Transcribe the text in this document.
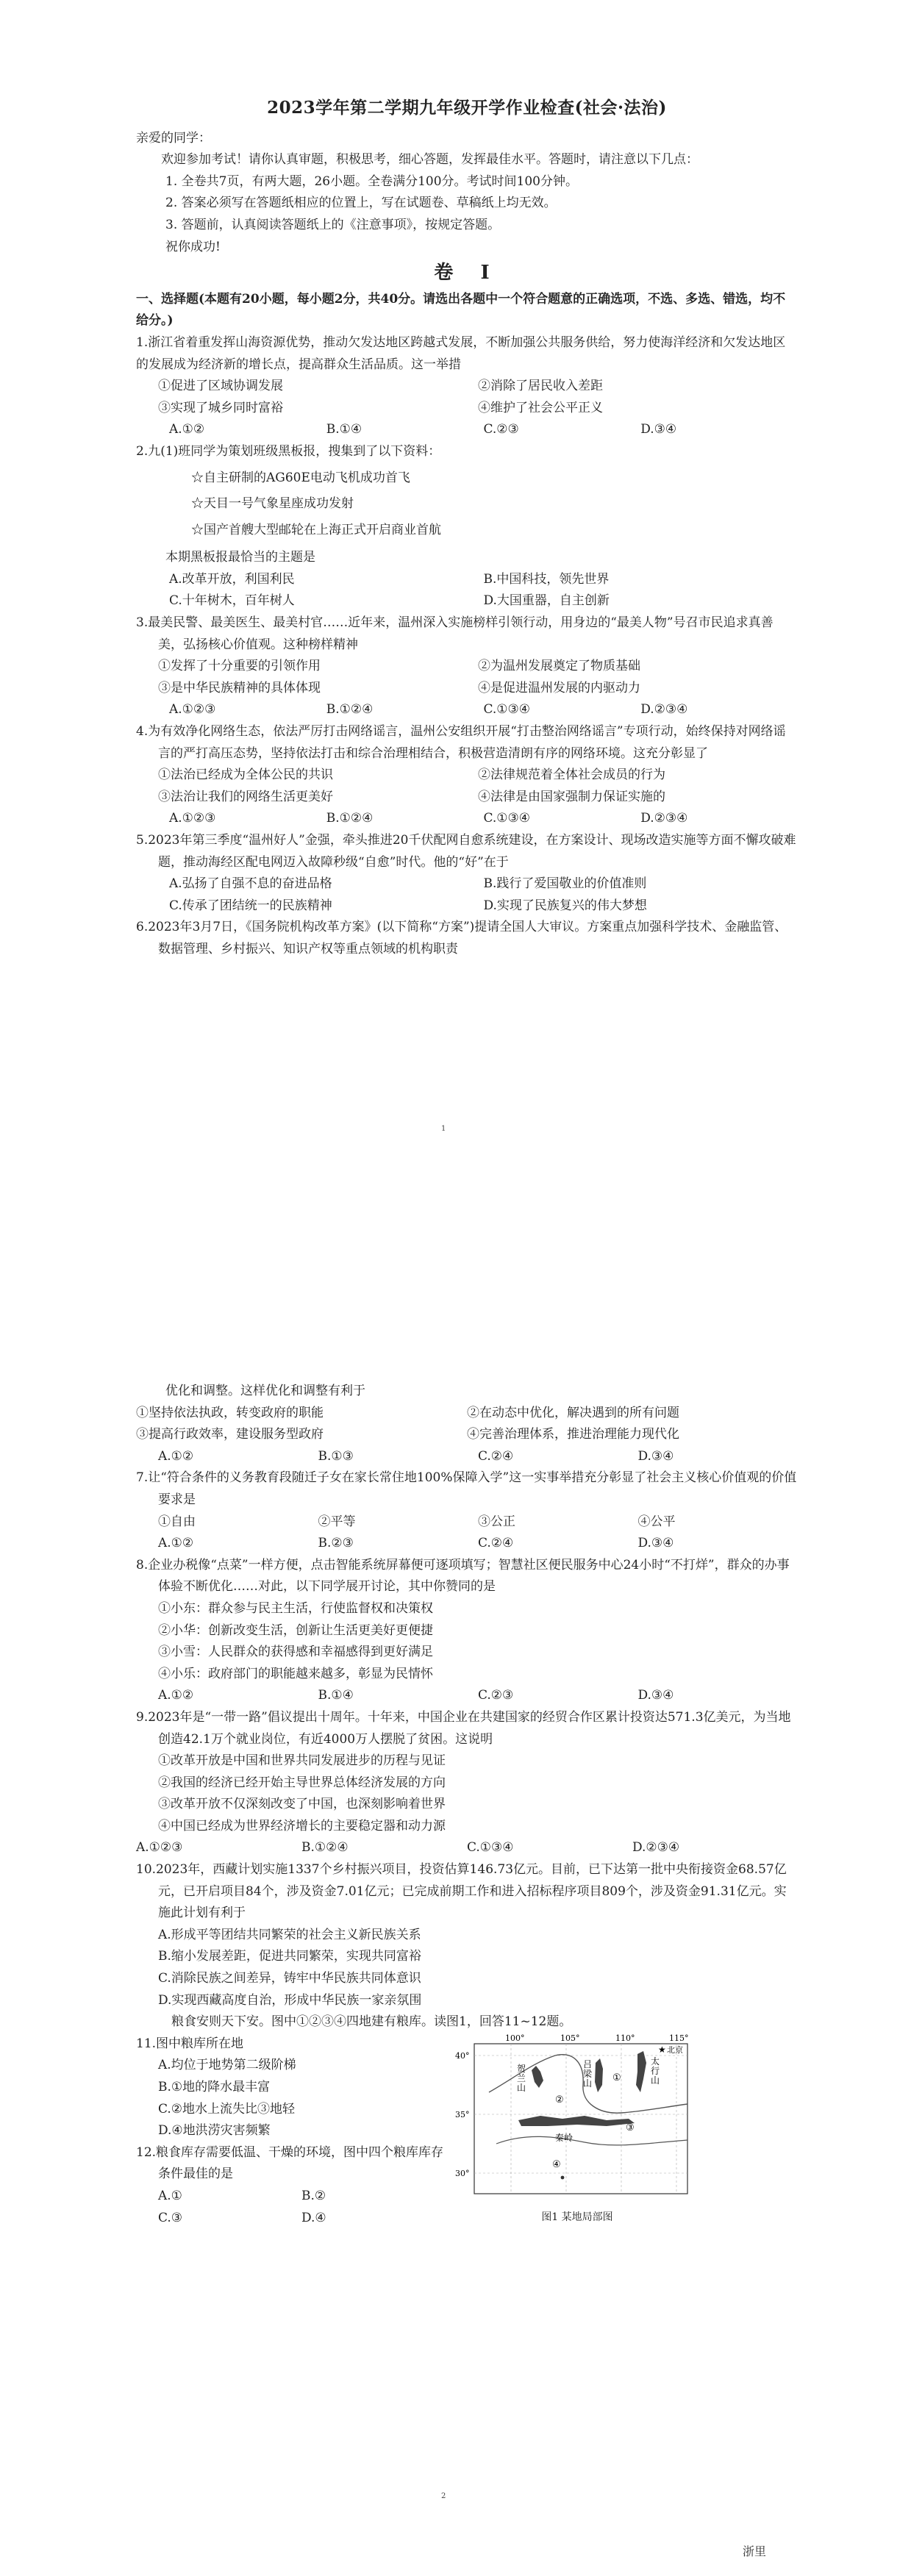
2023学年第二学期九年级开学作业检查(社会·法治)

亲爱的同学：

欢迎参加考试！请你认真审题，积极思考，细心答题，发挥最佳水平。答题时，请注意以下几点：

1. 全卷共7页，有两大题，26小题。全卷满分100分。考试时间100分钟。

2. 答案必须写在答题纸相应的位置上，写在试题卷、草稿纸上均无效。

3. 答题前，认真阅读答题纸上的《注意事项》，按规定答题。

祝你成功!

卷 I

一、选择题(本题有20小题，每小题2分，共40分。请选出各题中一个符合题意的正确选项，不选、多选、错选，均不给分。)

1.浙江省着重发挥山海资源优势，推动欠发达地区跨越式发展，不断加强公共服务供给，努力使海洋经济和欠发达地区的发展成为经济新的增长点，提高群众生活品质。这一举措

①促进了区域协调发展	②消除了居民收入差距
③实现了城乡同时富裕	④维护了社会公平正义
A.①②	B.①④	C.②③	D.③④

2.九(1)班同学为策划班级黑板报，搜集到了以下资料：

☆自主研制的AG60E电动飞机成功首飞

☆天目一号气象星座成功发射

☆国产首艘大型邮轮在上海正式开启商业首航

本期黑板报最恰当的主题是

A.改革开放，利国利民	B.中国科技，领先世界
C.十年树木，百年树人	D.大国重器，自主创新

3.最美民警、最美医生、最美村官……近年来，温州深入实施榜样引领行动，用身边的“最美人物”号召市民追求真善美，弘扬核心价值观。这种榜样精神

①发挥了十分重要的引领作用	②为温州发展奠定了物质基础
③是中华民族精神的具体体现	④是促进温州发展的内驱动力
A.①②③	B.①②④	C.①③④	D.②③④

4.为有效净化网络生态，依法严厉打击网络谣言，温州公安组织开展“打击整治网络谣言”专项行动，始终保持对网络谣言的严打高压态势，坚持依法打击和综合治理相结合，积极营造清朗有序的网络环境。这充分彰显了

①法治已经成为全体公民的共识	②法律规范着全体社会成员的行为
③法治让我们的网络生活更美好	④法律是由国家强制力保证实施的
A.①②③	B.①②④	C.①③④	D.②③④

5.2023年第三季度“温州好人”金强，牵头推进20千伏配网自愈系统建设，在方案设计、现场改造实施等方面不懈攻破难题，推动海经区配电网迈入故障秒级“自愈”时代。他的“好”在于

A.弘扬了自强不息的奋进品格	B.践行了爱国敬业的价值准则
C.传承了团结统一的民族精神	D.实现了民族复兴的伟大梦想

6.2023年3月7日，《国务院机构改革方案》(以下简称“方案”)提请全国人大审议。方案重点加强科学技术、金融监管、数据管理、乡村振兴、知识产权等重点领域的机构职责

1

优化和调整。这样优化和调整有利于

①坚持依法执政，转变政府的职能	②在动态中优化，解决遇到的所有问题
③提高行政效率，建设服务型政府	④完善治理体系，推进治理能力现代化
A.①②	B.①③	C.②④	D.③④

7.让“符合条件的义务教育段随迁子女在家长常住地100%保障入学”这一实事举措充分彰显了社会主义核心价值观的价值要求是

①自由	②平等	③公正	④公平
A.①②	B.②③	C.②④	D.③④

8.企业办税像“点菜”一样方便，点击智能系统屏幕便可逐项填写；智慧社区便民服务中心24小时“不打烊”，群众的办事体验不断优化……对此，以下同学展开讨论，其中你赞同的是

①小东：群众参与民主生活，行使监督权和决策权

②小华：创新改变生活，创新让生活更美好更便捷

③小雪：人民群众的获得感和幸福感得到更好满足

④小乐：政府部门的职能越来越多，彰显为民情怀

A.①②	B.①④	C.②③	D.③④

9.2023年是“一带一路”倡议提出十周年。十年来，中国企业在共建国家的经贸合作区累计投资达571.3亿美元，为当地创造42.1万个就业岗位，有近4000万人摆脱了贫困。这说明

①改革开放是中国和世界共同发展进步的历程与见证

②我国的经济已经开始主导世界总体经济发展的方向

③改革开放不仅深刻改变了中国，也深刻影响着世界

④中国已经成为世界经济增长的主要稳定器和动力源

A.①②③	B.①②④	C.①③④	D.②③④

10.2023年，西藏计划实施1337个乡村振兴项目，投资估算146.73亿元。目前，已下达第一批中央衔接资金68.57亿元，已开启项目84个，涉及资金7.01亿元；已完成前期工作和进入招标程序项目809个，涉及资金91.31亿元。实施此计划有利于

A.形成平等团结共同繁荣的社会主义新民族关系

B.缩小发展差距，促进共同繁荣，实现共同富裕

C.消除民族之间差异，铸牢中华民族共同体意识

D.实现西藏高度自治，形成中华民族一家亲氛围

粮食安则天下安。图中①②③④四地建有粮库。读图1，回答11~12题。

11.图中粮库所在地

A.均位于地势第二级阶梯

B.①地的降水最丰富

C.②地水上流失比③地轻

D.④地洪涝灾害频繁

12.粮食库存需要低温、干燥的环境，图中四个粮库库存条件最佳的是

A.①	B.②
C.③	D.④
100°	105°	110°	115°
40°
35°
30°
贺兰山
吕梁山
太行山
秦岭
★ 北京
①
②
③
④
图1 某地局部图
2
浙里
